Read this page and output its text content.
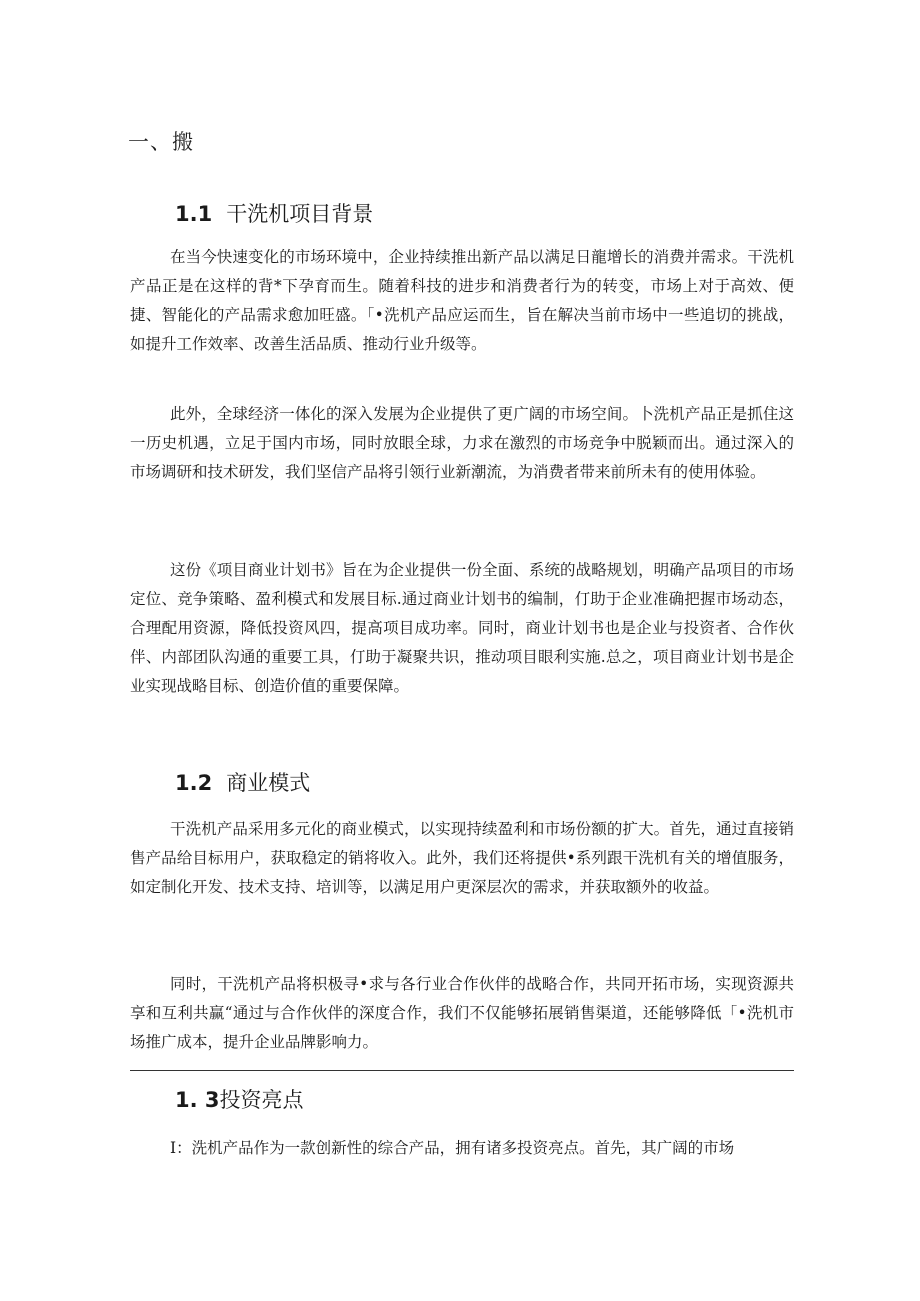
一、搬
1.1 干洗机项目背景

在当今快速变化的市场环境中，企业持续推出新产品以满足日龍增长的消费并需求。干洗机产品正是在这样的背*下孕育而生。随着科技的进步和消费者行为的转变，市场上对于高效、便捷、智能化的产品需求愈加旺盛。「•洗机产品应运而生，旨在解决当前市场中一些追切的挑战，如提升工作效率、改善生活品质、推动行业升级等。

此外，全球经济一体化的深入发展为企业提供了更广阔的市场空间。卜洗机产品正是抓住这一历史机遇，立足于国内市场，同时放眼全球，力求在激烈的市场竞争中脱颖而出。通过深入的市场调研和技术研发，我们坚信产品将引领行业新潮流，为消费者带来前所未有的使用体验。

这份《项目商业计划书》旨在为企业提供一份全面、系统的战略规划，明确产品项目的市场定位、竞争策略、盈利模式和发展目标.通过商业计划书的编制，仃助于企业准确把握市场动态，合理配用资源，降低投资风四，提高项目成功率。同时，商业计划书也是企业与投资者、合作伙伴、内部团队沟通的重要工具，仃助于凝聚共识，推动项目眼利实施.总之，项目商业计划书是企业实现战略目标、创造价值的重要保障。

1.2 商业模式

干洗机产品采用多元化的商业模式，以实现持续盈利和市场份额的扩大。首先，通过直接销售产品给目标用户，获取稳定的销将收入。此外，我们还将提供•系列跟干洗机有关的增值服务，如定制化开发、技术支持、培训等，以满足用户更深层次的需求，并获取额外的收益。

同时，干洗机产品将枳极寻•求与各行业合作伙伴的战略合作，共同开拓市场，实现资源共享和互利共赢“通过与合作伙伴的深度合作，我们不仅能够拓展销售渠道，还能够降低「•洗机市场推广成本，提升企业品牌影响力。

1. 3投资亮点

I：洗机产品作为一款创新性的综合产品，拥有诸多投资亮点。首先，其广阔的市场
